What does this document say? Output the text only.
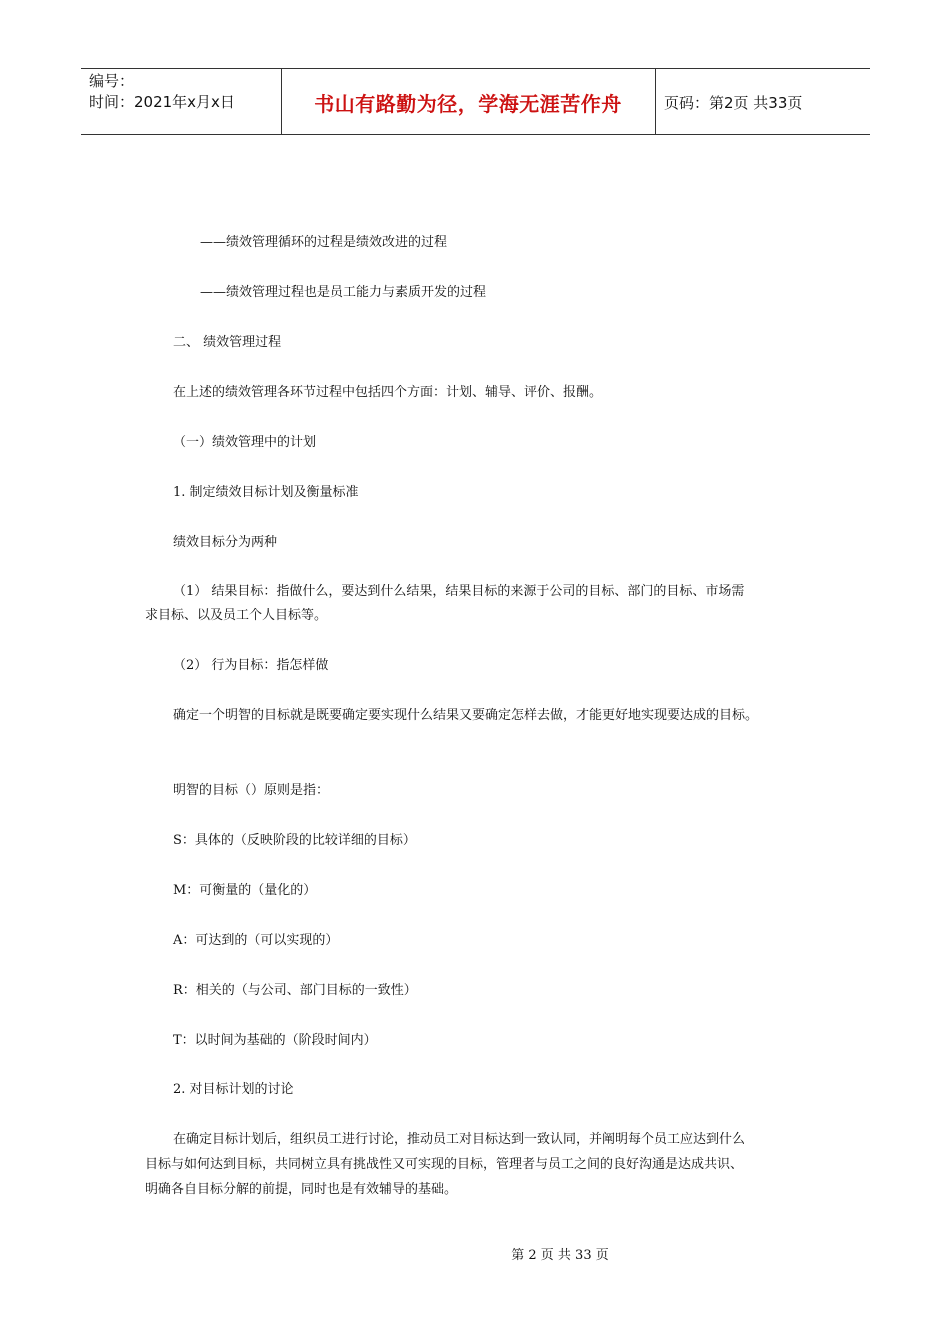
编号：
时间：2021年x月x日	书山有路勤为径，学海无涯苦作舟	页码：第2页 共33页
——绩效管理循环的过程是绩效改进的过程
——绩效管理过程也是员工能力与素质开发的过程
二、 绩效管理过程
在上述的绩效管理各环节过程中包括四个方面：计划、辅导、评价、报酬。
（一）绩效管理中的计划
1. 制定绩效目标计划及衡量标准
绩效目标分为两种
（1） 结果目标：指做什么，要达到什么结果，结果目标的来源于公司的目标、部门的目标、市场需
求目标、以及员工个人目标等。
（2） 行为目标：指怎样做
确定一个明智的目标就是既要确定要实现什么结果又要确定怎样去做，才能更好地实现要达成的目标。
明智的目标（）原则是指：
S：具体的（反映阶段的比较详细的目标）
M：可衡量的（量化的）
A：可达到的（可以实现的）
R：相关的（与公司、部门目标的一致性）
T：以时间为基础的（阶段时间内）
2. 对目标计划的讨论
在确定目标计划后，组织员工进行讨论，推动员工对目标达到一致认同，并阐明每个员工应达到什么
目标与如何达到目标，共同树立具有挑战性又可实现的目标，管理者与员工之间的良好沟通是达成共识、
明确各自目标分解的前提，同时也是有效辅导的基础。
第 2 页 共 33 页
